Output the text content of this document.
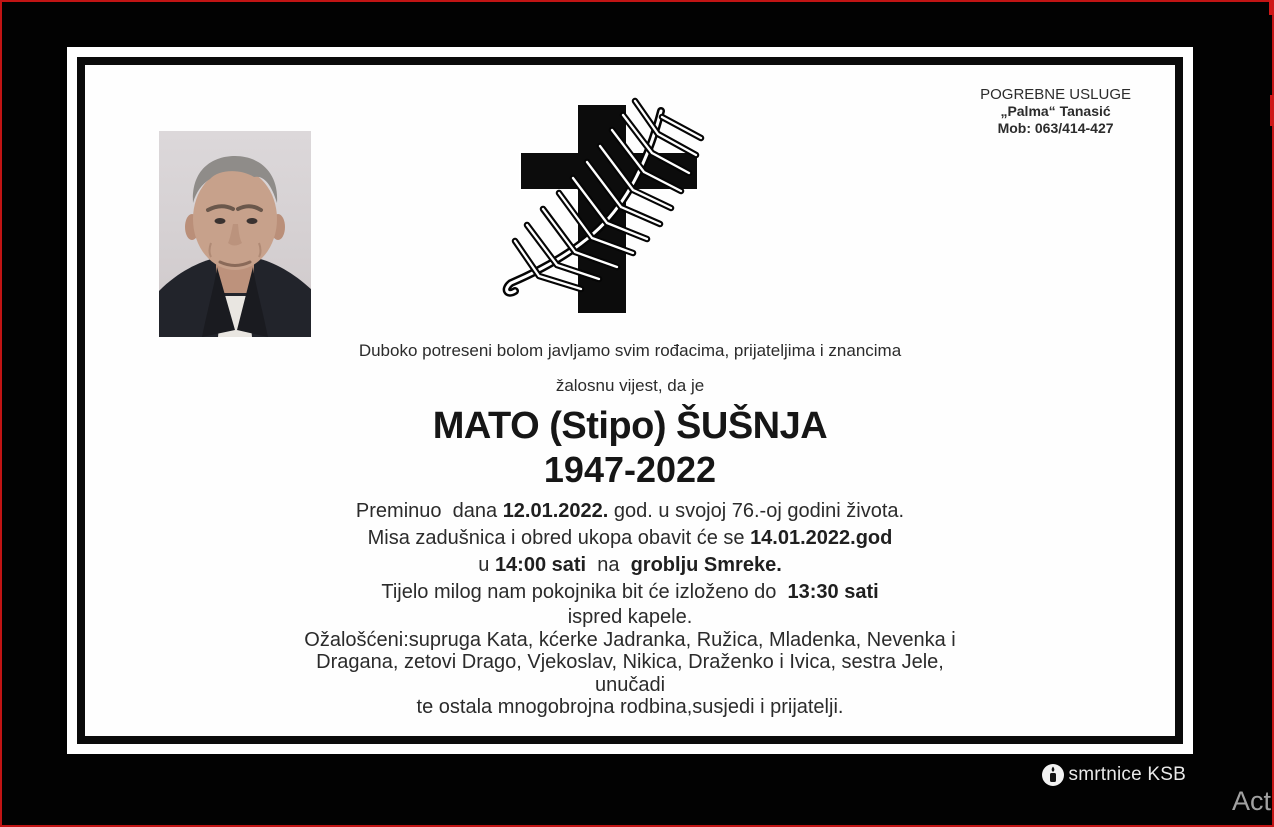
POGREBNE USLUGE
„Palma“ Tanasić
Mob: 063/414-427
Duboko potreseni bolom javljamo svim rođacima, prijateljima i znancima
žalosnu vijest, da je
MATO (Stipo) ŠUŠNJA
1947-2022
Preminuo  dana 12.01.2022. god. u svojoj 76.-oj godini života.
Misa zadušnica i obred ukopa obavit će se 14.01.2022.god
u 14:00 sati  na  groblju Smreke.
Tijelo milog nam pokojnika bit će izloženo do  13:30 sati
ispred kapele.
Ožalošćeni:supruga Kata, kćerke Jadranka, Ružica, Mladenka, Nevenka i
Dragana, zetovi Drago, Vjekoslav, Nikica, Draženko i Ivica, sestra Jele,
unučadi
te ostala mnogobrojna rodbina,susjedi i prijatelji.
smrtnice KSB
Act
